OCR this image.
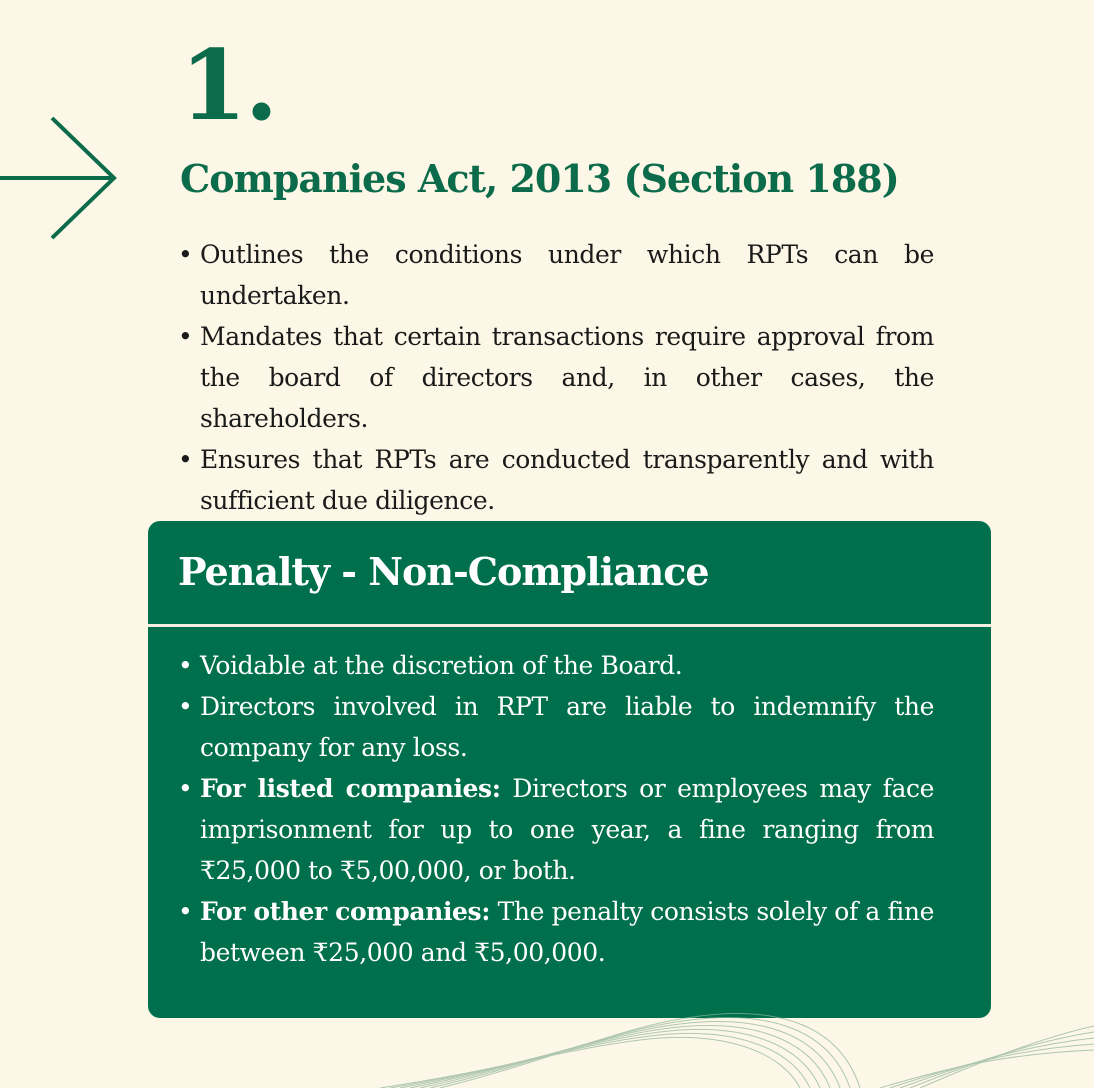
1.
Companies Act, 2013 (Section 188)
• Outlines the conditions under which RPTs can be undertaken.
• Mandates that certain transactions require approval from the board of directors and, in other cases, the shareholders.
• Ensures that RPTs are conducted transparently and with sufficient due diligence.
Penalty - Non-Compliance
• Voidable at the discretion of the Board.
• Directors involved in RPT are liable to indemnify the company for any loss.
• For listed companies: Directors or employees may face imprisonment for up to one year, a fine ranging from ₹25,000 to ₹5,00,000, or both.
• For other companies: The penalty consists solely of a fine between ₹25,000 and ₹5,00,000.
